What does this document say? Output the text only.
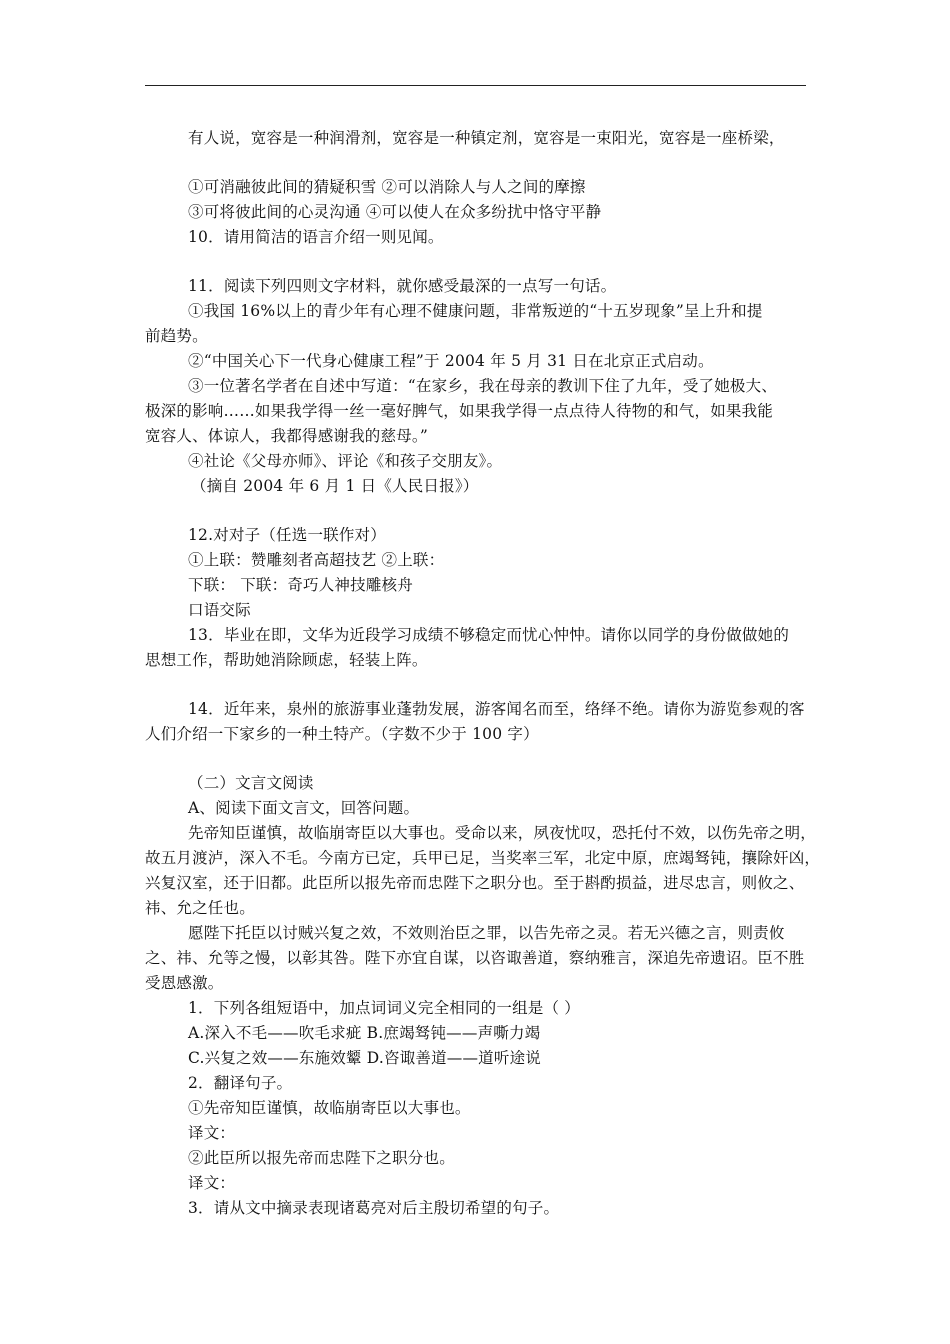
有人说，宽容是一种润滑剂，宽容是一种镇定剂，宽容是一束阳光，宽容是一座桥梁，
①可消融彼此间的猜疑积雪 ②可以消除人与人之间的摩擦
③可将彼此间的心灵沟通 ④可以使人在众多纷扰中恪守平静
10．请用简洁的语言介绍一则见闻。
11．阅读下列四则文字材料，就你感受最深的一点写一句话。
①我国 16%以上的青少年有心理不健康问题，非常叛逆的“十五岁现象”呈上升和提
前趋势。
②“中国关心下一代身心健康工程”于 2004 年 5 月 31 日在北京正式启动。
③一位著名学者在自述中写道：“在家乡，我在母亲的教训下住了九年，受了她极大、
极深的影响……如果我学得一丝一毫好脾气，如果我学得一点点待人待物的和气，如果我能
宽容人、体谅人，我都得感谢我的慈母。”
④社论《父母亦师》、评论《和孩子交朋友》。
（摘自 2004 年 6 月 1 日《人民日报》）
12.对对子（任选一联作对）
①上联：赞雕刻者高超技艺 ②上联：
下联： 下联：奇巧人神技雕核舟
口语交际
13．毕业在即，文华为近段学习成绩不够稳定而忧心忡忡。请你以同学的身份做做她的
思想工作，帮助她消除顾虑，轻装上阵。
14．近年来，泉州的旅游事业蓬勃发展，游客闻名而至，络绎不绝。请你为游览参观的客
人们介绍一下家乡的一种土特产。（字数不少于 100 字）
（二）文言文阅读
A、阅读下面文言文，回答问题。
先帝知臣谨慎，故临崩寄臣以大事也。受命以来，夙夜忧叹，恐托付不效，以伤先帝之明，
故五月渡泸，深入不毛。今南方已定，兵甲已足，当奖率三军，北定中原，庶竭驽钝，攘除奸凶，
兴复汉室，还于旧都。此臣所以报先帝而忠陛下之职分也。至于斟酌损益，进尽忠言，则攸之、
祎、允之任也。
愿陛下托臣以讨贼兴复之效，不效则治臣之罪，以告先帝之灵。若无兴德之言，则责攸
之、祎、允等之慢，以彰其咎。陛下亦宜自谋，以咨诹善道，察纳雅言，深追先帝遗诏。臣不胜
受恩感激。
1．下列各组短语中，加点词词义完全相同的一组是（ ）
A.深入不毛——吹毛求疵 B.庶竭驽钝——声嘶力竭
C.兴复之效——东施效颦 D.咨诹善道——道听途说
2．翻译句子。
①先帝知臣谨慎，故临崩寄臣以大事也。
译文：
②此臣所以报先帝而忠陛下之职分也。
译文：
3．请从文中摘录表现诸葛亮对后主殷切希望的句子。
